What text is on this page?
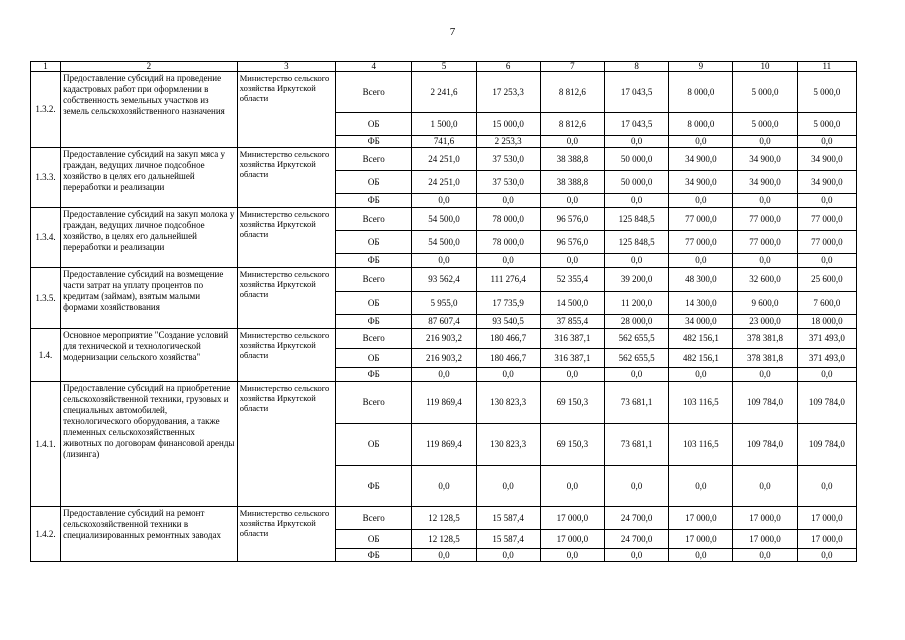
7
1	2	3	4	5	6	7	8	9	10	11
1.3.2.	Предоставление субсидий на проведение кадастровых работ при оформлении в собственность земельных участков из земель сельскохозяйственного назначения	Министерство сельского хозяйства Иркутской области	Всего	2 241,6	17 253,3	8 812,6	17 043,5	8 000,0	5 000,0	5 000,0
			ОБ	1 500,0	15 000,0	8 812,6	17 043,5	8 000,0	5 000,0	5 000,0
			ФБ	741,6	2 253,3	0,0	0,0	0,0	0,0	0,0
1.3.3.	Предоставление субсидий на закуп мяса у граждан, ведущих личное подсобное хозяйство в целях его дальнейшей переработки и реализации	Министерство сельского хозяйства Иркутской области	Всего	24 251,0	37 530,0	38 388,8	50 000,0	34 900,0	34 900,0	34 900,0
			ОБ	24 251,0	37 530,0	38 388,8	50 000,0	34 900,0	34 900,0	34 900,0
			ФБ	0,0	0,0	0,0	0,0	0,0	0,0	0,0
1.3.4.	Предоставление субсидий на закуп молока у граждан, ведущих личное подсобное хозяйство, в целях его дальнейшей переработки и реализации	Министерство сельского хозяйства Иркутской области	Всего	54 500,0	78 000,0	96 576,0	125 848,5	77 000,0	77 000,0	77 000,0
			ОБ	54 500,0	78 000,0	96 576,0	125 848,5	77 000,0	77 000,0	77 000,0
			ФБ	0,0	0,0	0,0	0,0	0,0	0,0	0,0
1.3.5.	Предоставление субсидий на возмещение части затрат на уплату процентов по кредитам (займам), взятым малыми формами хозяйствования	Министерство сельского хозяйства Иркутской области	Всего	93 562,4	111 276,4	52 355,4	39 200,0	48 300,0	32 600,0	25 600,0
			ОБ	5 955,0	17 735,9	14 500,0	11 200,0	14 300,0	9 600,0	7 600,0
			ФБ	87 607,4	93 540,5	37 855,4	28 000,0	34 000,0	23 000,0	18 000,0
1.4.	Основное мероприятие "Создание условий для технической и технологической модернизации сельского хозяйства"	Министерство сельского хозяйства Иркутской области	Всего	216 903,2	180 466,7	316 387,1	562 655,5	482 156,1	378 381,8	371 493,0
			ОБ	216 903,2	180 466,7	316 387,1	562 655,5	482 156,1	378 381,8	371 493,0
			ФБ	0,0	0,0	0,0	0,0	0,0	0,0	0,0
1.4.1.	Предоставление субсидий на приобретение сельскохозяйственной техники, грузовых и специальных автомобилей, технологического оборудования, а также племенных сельскохозяйственных животных по договорам финансовой аренды (лизинга)	Министерство сельского хозяйства Иркутской области	Всего	119 869,4	130 823,3	69 150,3	73 681,1	103 116,5	109 784,0	109 784,0
			ОБ	119 869,4	130 823,3	69 150,3	73 681,1	103 116,5	109 784,0	109 784,0
			ФБ	0,0	0,0	0,0	0,0	0,0	0,0	0,0
1.4.2.	Предоставление субсидий на ремонт сельскохозяйственной техники в специализированных ремонтных заводах	Министерство сельского хозяйства Иркутской области	Всего	12 128,5	15 587,4	17 000,0	24 700,0	17 000,0	17 000,0	17 000,0
			ОБ	12 128,5	15 587,4	17 000,0	24 700,0	17 000,0	17 000,0	17 000,0
			ФБ	0,0	0,0	0,0	0,0	0,0	0,0	0,0
